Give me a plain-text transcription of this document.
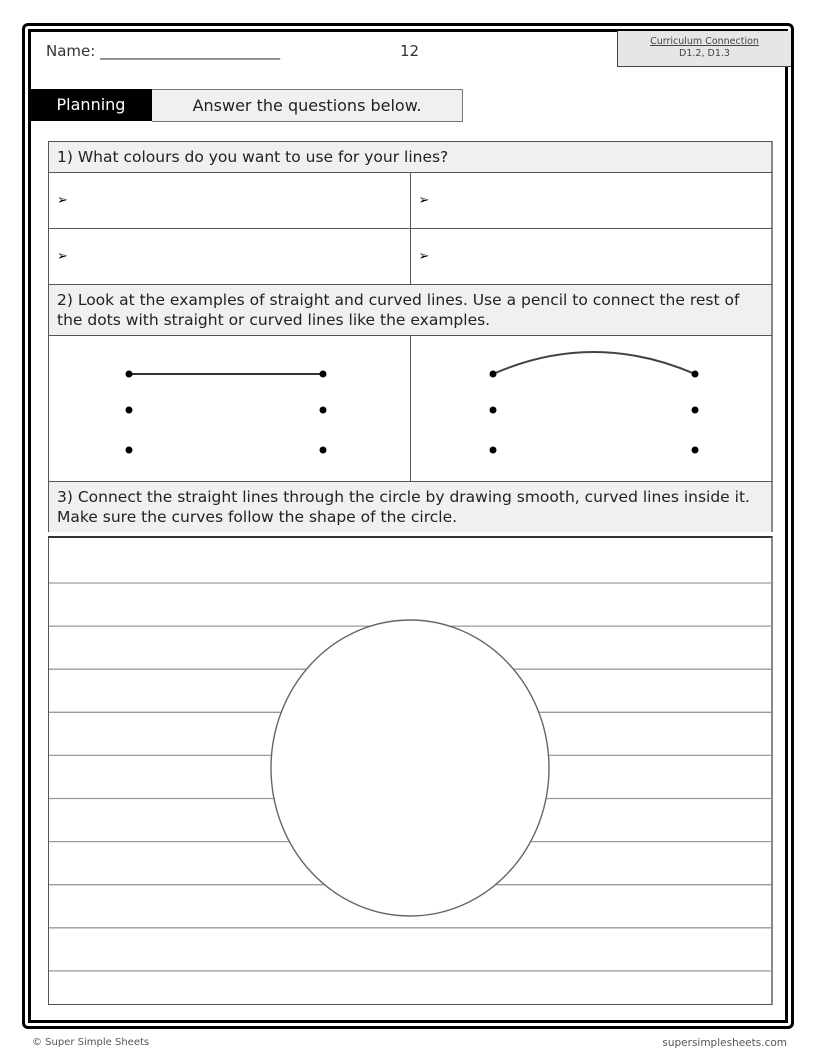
Name: ________________________	12
Curriculum Connection
D1.2, D1.3
Planning	Answer the questions below.
1) What colours do you want to use for your lines?
➢	➢
➢	➢
2) Look at the examples of straight and curved lines. Use a pencil to connect the rest of the dots with straight or curved lines like the examples.
3) Connect the straight lines through the circle by drawing smooth, curved lines inside it. Make sure the curves follow the shape of the circle.
© Super Simple Sheets	supersimplesheets.com
